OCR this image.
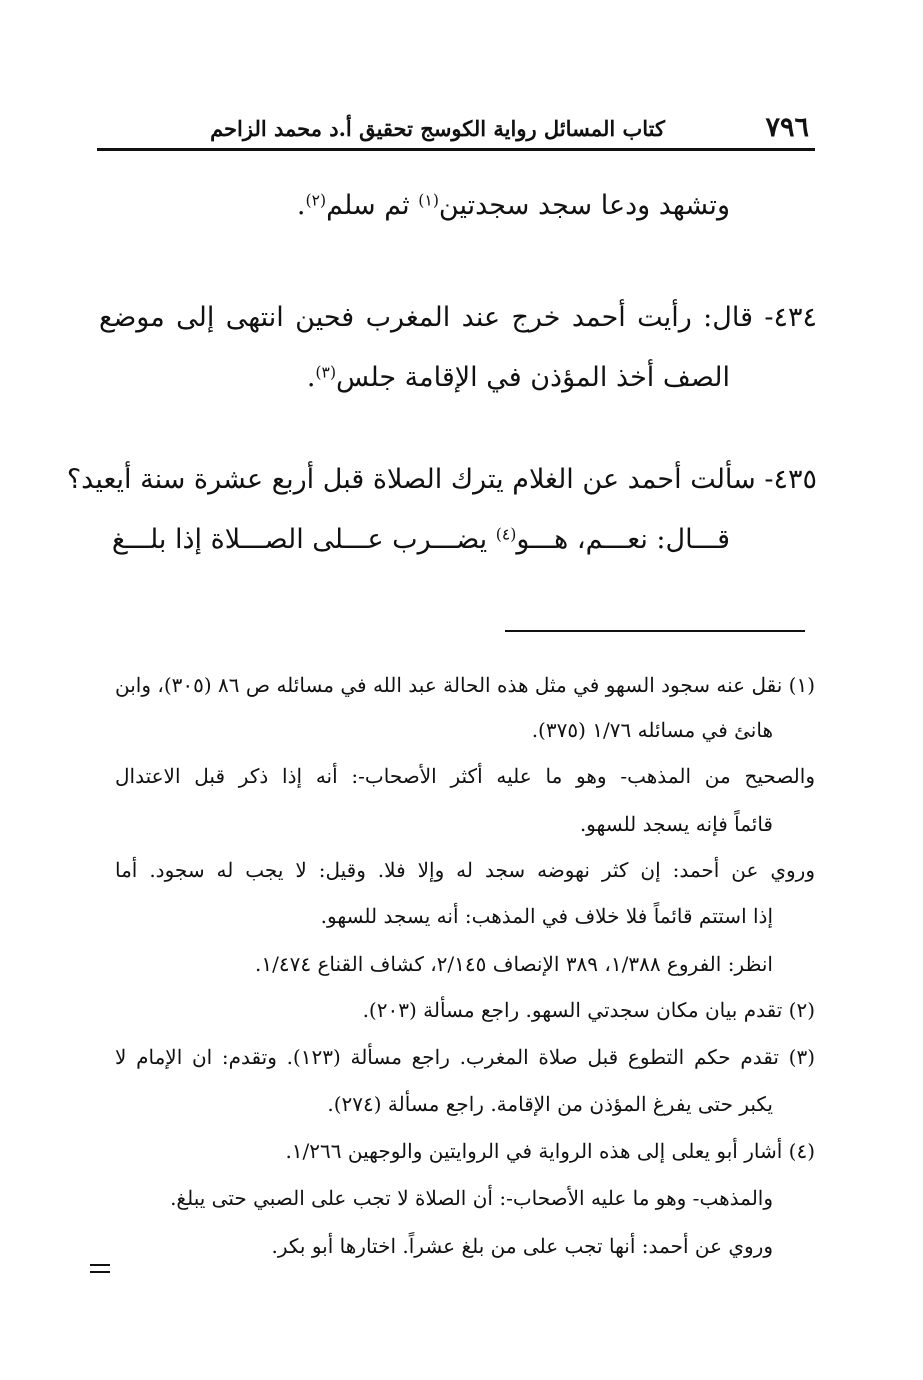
٧٩٦
كتاب المسائل رواية الكوسج تحقيق أ.د محمد الزاحم
وتشهد ودعا سجد سجدتين$^{(١)}$ ثم سلم$^{(٢)}$.
٤٣٤- قال: رأيت أحمد خرج عند المغرب فحين انتهى إلى موضع
الصف أخذ المؤذن في الإقامة جلس$^{(٣)}$.
٤٣٥- سألت أحمد عن الغلام يترك الصلاة قبل أربع عشرة سنة أيعيد؟
قـــال: نعـــم، هـــو$^{(٤)}$ يضـــرب عـــلى الصـــلاة إذا بلـــغ
(١) نقل عنه سجود السهو في مثل هذه الحالة عبد الله في مسائله ص ٨٦ (٣٠٥)، وابن
هانئ في مسائله ١/٧٦ (٣٧٥).
والصحيح من المذهب- وهو ما عليه أكثر الأصحاب-: أنه إذا ذكر قبل الاعتدال
قائماً فإنه يسجد للسهو.
وروي عن أحمد: إن كثر نهوضه سجد له وإلا فلا. وقيل: لا يجب له سجود. أما
إذا استتم قائماً فلا خلاف في المذهب: أنه يسجد للسهو.
انظر: الفروع ١/٣٨٨، ٣٨٩ الإنصاف ٢/١٤٥، كشاف القناع ١/٤٧٤.
(٢) تقدم بيان مكان سجدتي السهو. راجع مسألة (٢٠٣).
(٣) تقدم حكم التطوع قبل صلاة المغرب. راجع مسألة (١٢٣). وتقدم: ان الإمام لا
يكبر حتى يفرغ المؤذن من الإقامة. راجع مسألة (٢٧٤).
(٤) أشار أبو يعلى إلى هذه الرواية في الروايتين والوجهين ١/٢٦٦.
والمذهب- وهو ما عليه الأصحاب-: أن الصلاة لا تجب على الصبي حتى يبلغ.
وروي عن أحمد: أنها تجب على من بلغ عشراً. اختارها أبو بكر.
